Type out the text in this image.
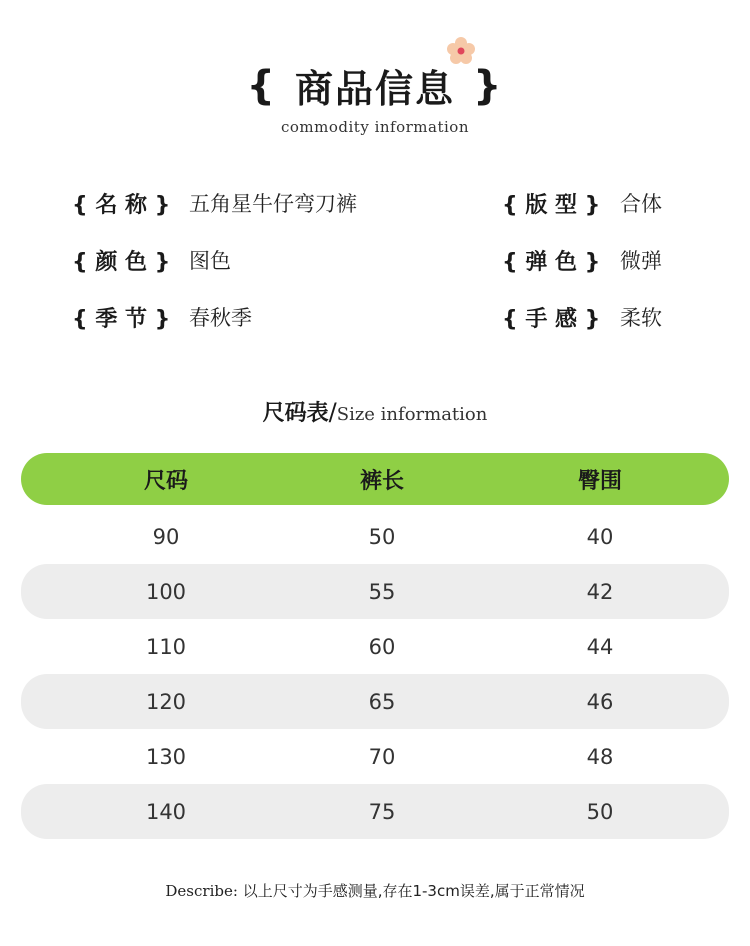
{ 商品信息 }
commodity information
{ 名 称 } 五角星牛仔弯刀裤	{ 版 型 } 合体
{ 颜 色 } 图色	{ 弹 色 } 微弹
{ 季 节 } 春秋季	{ 手 感 } 柔软
尺码表/Size information
尺码	裤长	臀围
90	50	40
100	55	42
110	60	44
120	65	46
130	70	48
140	75	50
Describe: 以上尺寸为手感测量,存在1-3cm误差,属于正常情况
